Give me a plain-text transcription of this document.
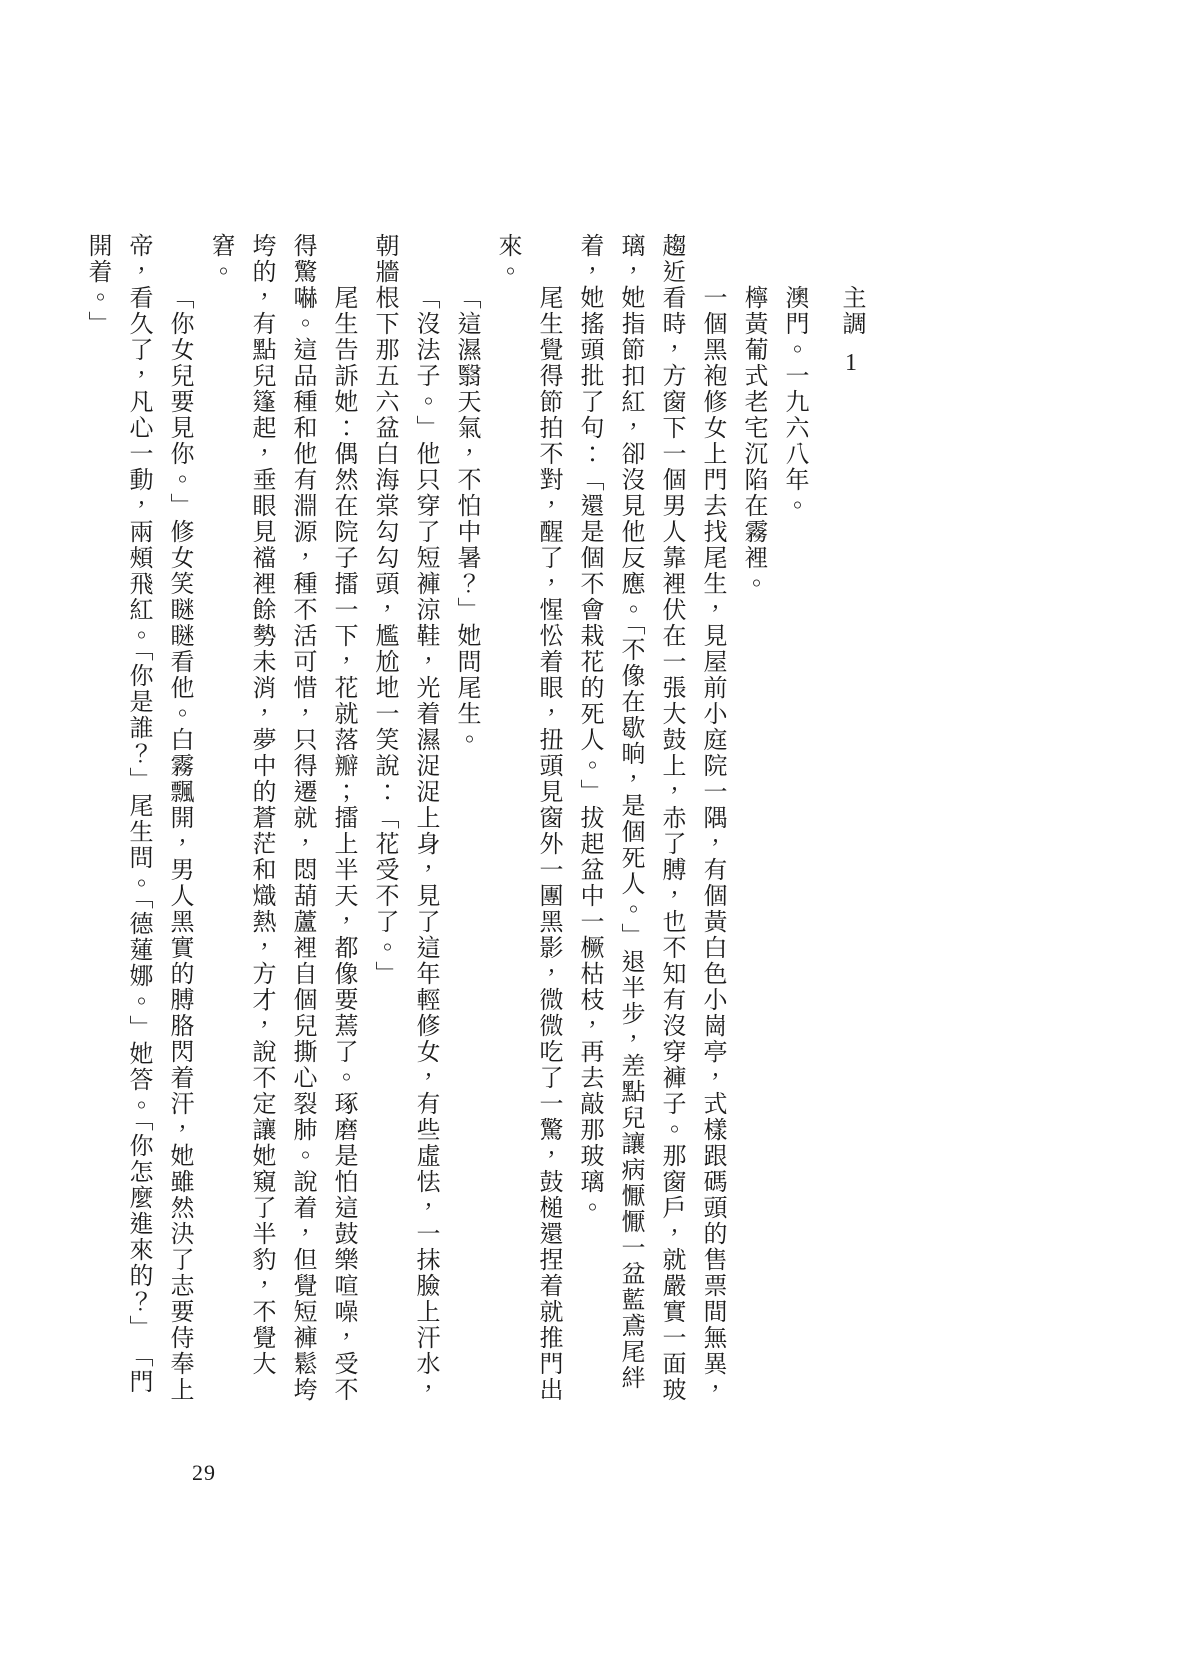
主調1

澳門。一九六八年。

檸黃葡式老宅沉陷在霧裡。

一個黑袍修女上門去找尾生，見屋前小庭院一隅，有個黃白色小崗亭，式樣跟碼頭的售票間無異，趨近看時，方窗下一個男人靠裡伏在一張大鼓上，赤了膊，也不知有沒穿褲子。那窗戶，就嚴實一面玻璃，她指節扣紅，卻沒見他反應。「不像在歇晌，是個死人。」退半步，差點兒讓病懨懨一盆藍鳶尾絆着，她搖頭批了句：「還是個不會栽花的死人。」拔起盆中一橛枯枝，再去敲那玻璃。

尾生覺得節拍不對，醒了，惺忪着眼，扭頭見窗外一團黑影，微微吃了一驚，鼓槌還捏着就推門出來。

「這濕翳天氣，不怕中暑？」她問尾生。

「沒法子。」他只穿了短褲涼鞋，光着濕浞浞上身，見了這年輕修女，有些虛怯，一抹臉上汗水，朝牆根下那五六盆白海棠勾勾頭，尷尬地一笑說：「花受不了。」

尾生告訴她：偶然在院子擂一下，花就落瓣；擂上半天，都像要蔫了。琢磨是怕這鼓樂喧噪，受不得驚嚇。這品種和他有淵源，種不活可惜，只得遷就，悶葫蘆裡自個兒撕心裂肺。說着，但覺短褲鬆垮垮的，有點兒篷起，垂眼見襠裡餘勢未消，夢中的蒼茫和熾熱，方才，說不定讓她窺了半豹，不覺大窘。

「你女兒要見你。」修女笑瞇瞇看他。白霧飄開，男人黑實的膊胳閃着汗，她雖然決了志要侍奉上帝，看久了，凡心一動，兩頰飛紅。「你是誰？」尾生問。「德蓮娜。」她答。「你怎麼進來的？」　「門開着。」

29
